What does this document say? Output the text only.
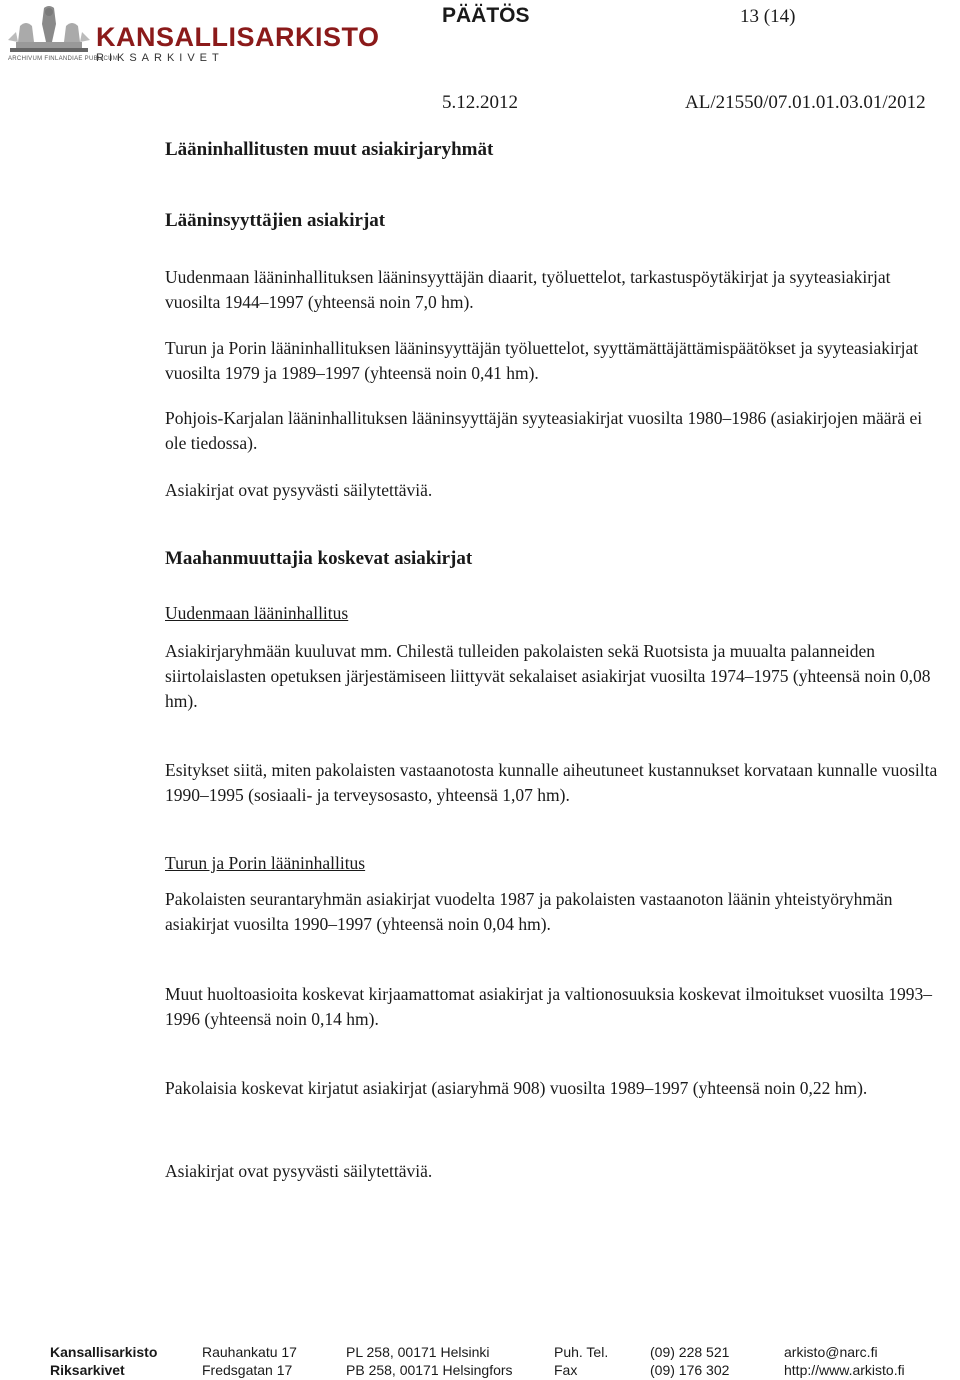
ARCHIVUM FINLANDIAE PUBLICUM
KANSALLISARKISTO
RIKSARKIVET
PÄÄTÖS	13 (14)
5.12.2012	AL/21550/07.01.01.03.01/2012
Lääninhallitusten muut asiakirjaryhmät
Lääninsyyttäjien asiakirjat
Uudenmaan lääninhallituksen lääninsyyttäjän diaarit, työluettelot, tarkastuspöytäkirjat ja syyteasiakirjat vuosilta 1944–1997 (yhteensä noin 7,0 hm).
Turun ja Porin lääninhallituksen lääninsyyttäjän työluettelot, syyttämättäjättämispäätökset ja syyteasiakirjat vuosilta 1979 ja 1989–1997 (yhteensä noin 0,41 hm).
Pohjois-Karjalan lääninhallituksen lääninsyyttäjän syyteasiakirjat vuosilta 1980–1986 (asiakirjojen määrä ei ole tiedossa).
Asiakirjat ovat pysyvästi säilytettäviä.
Maahanmuuttajia koskevat asiakirjat
Uudenmaan lääninhallitus
Asiakirjaryhmään kuuluvat mm. Chilestä tulleiden pakolaisten sekä Ruotsista ja muualta palanneiden siirtolaislasten opetuksen järjestämiseen liittyvät sekalaiset asiakirjat vuosilta 1974–1975 (yhteensä noin 0,08 hm).
Esitykset siitä, miten pakolaisten vastaanotosta kunnalle aiheutuneet kustannukset korvataan kunnalle vuosilta 1990–1995 (sosiaali- ja terveysosasto, yhteensä 1,07 hm).
Turun ja Porin lääninhallitus
Pakolaisten seurantaryhmän asiakirjat vuodelta 1987 ja pakolaisten vastaanoton läänin yhteistyöryhmän asiakirjat vuosilta 1990–1997 (yhteensä noin 0,04 hm).
Muut huoltoasioita koskevat kirjaamattomat asiakirjat ja valtionosuuksia koskevat ilmoitukset vuosilta 1993–1996 (yhteensä noin 0,14 hm).
Pakolaisia koskevat kirjatut asiakirjat (asiaryhmä 908) vuosilta 1989–1997 (yhteensä noin 0,22 hm).
Asiakirjat ovat pysyvästi säilytettäviä.
Kansallisarkisto	Rauhankatu 17	PL 258, 00171 Helsinki	Puh. Tel.	(09) 228 521	arkisto@narc.fi
Riksarkivet	Fredsgatan 17	PB 258, 00171 Helsingfors	Fax	(09) 176 302	http://www.arkisto.fi
